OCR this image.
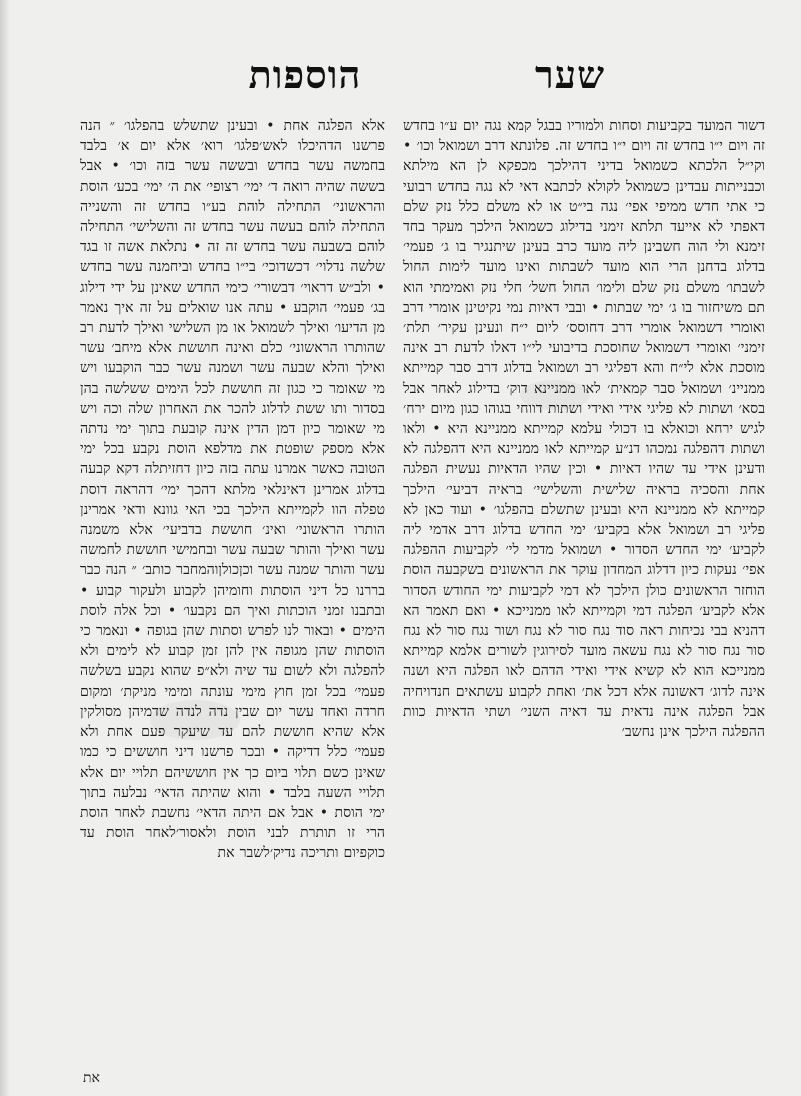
הוספות	שער

דשור המועד בקביעות וסחות ולמוריו בבגל קמא נגה יום ע״ו בחדש זה ויום י״ו בחדש זה ויום י״ו בחדש זה. פלונתא דרב ושמואל וכו׳ • וקי״ל הלכתא כשמואל בדיני דהילכך מכפקא לן הא מילתא וכבנייתות עבדינן כשמואל לקולא לכתבא דאי לא נגה בחדש רבועי כי אתי חדש ממיפי אפי׳ נגה בי״ט או לא משלם כלל נזק שלם דאפתי לא אייעד תלתא זימני בדילוג כשמואל הילכך מעקר בחד זימנא ולי הוה חשבינן ליה מועד כרב בעינן שיתנגיר בו ג׳ פעמי׳ בדלוג בדחנן הרי הוא מועד לשבתות ואינו מועד לימות החול לשבתו׳ משלם נזק שלם ולימו׳ החול חשל׳ חלי נזק ואמימתי הוא תם משיחזור בו ג׳ ימי שבתות • ובבי דאיות נמי נקיטינן אומרי דרב ואומרי דשמואל אומרי דרב דחוסס׳ ליום י״ח ונעינן עקיר׳ תלת׳ זימני׳ ואומרי דשמואל שחוסכת בדיבועי לי״ו דאלו לדעת רב אינה מוסכת אלא לי״ח והא דפליגי רב ושמואל בדלוג דרב סבר קמייתא ממניינ׳ ושמואל סבר קמאית׳ לאו ממניינא דוק׳ בדילוג לאחר אבל בסא׳ ושתות לא פליגי אידי ואידי ושתות דווחי בגוהו כגון מיום ירח׳ לגיש ירחא וכואלא בו דכולי עלמא קמייתא ממניינא היא • ולאו ושתות דהפלגה נמכהו דנ״ע קמייתא לאו ממניינא היא דהפלגה לא ודעינן אידי עד שהיו דאיות • וכין שהיו הדאיות נעשית הפלגה אחת והסכיה בראיה שלישית והשלישי׳ בראיה דביעי׳ הילכך קמייתא לא ממניינא היא ובעינן שתשלם בהפלגו׳ • ועוד כאן לא פליגי רב ושמואל אלא בקביע׳ ימי החדש בדלוג דרב אדמי ליה לקביע׳ ימי החדש הסדור • ושמואל מדמי לי׳ לקביעות ההפלגה אפי׳ נעקות כיון דדלוג המחדון עוקר את הראשונים בשקבעה הוסת הוחזר הראשונים כולן הילכך לא דמי לקביעות ימי החודש הסדור אלא לקביע׳ הפלגה דמי וקמייתא לאו ממנייכא • ואם תאמר הא דהניא בבי נכיחות ראה סוד נגח סור לא נגח ושור נגח סור לא נגח סור נגח סור לא נגח עשאה מועד לסירוגין לשורים אלמא קמייתא ממנייכא הוא לא קשיא אידי ואידי הדהם לאו הפלגה היא ושנה אינה לדוג׳ דאשונה אלא דכל את׳ ואחת לקבוע עשתאים חנדויחיה אבל הפלגה אינה נדאית עד דאיה השני׳ ושתי הדאיות כוות ההפלגה הילכך אינן נחשב׳

אלא הפלגה אחת • ובעינן שתשלש בהפלגו׳ ״ הנה פרשנו הדהיכלו לאש׳פלגו׳ רוא׳ אלא יום א׳ בלבד בחמשה עשר בחדש ובששה עשר בזה וכו׳ • אבל בששה שהיה רואה ד׳ ימי׳ רצופי׳ את ה׳ ימי׳ בכע׳ הוסת והראשוני׳ התחילה לוהת בע״ו בחדש זה והשנייה התחילה לוהם בעשה עשר בחדש זה והשלישי׳ התחילה לוהם בשבעה עשר בחדש זה זה • נתלאת אשה זו בגד שלשה נדלוי׳ דכשדוכי׳ בי״ו בחדש וביחמנה עשר בחדש • ולב״ש דראוי׳ דבשורי׳ כימי החדש שאינן על ידי דילוג בג׳ פעמי׳ הוקבע • עתה אנו שואלים על זה איך נאמר מן הדיעו׳ ואילך לשמואל או מן השלישי ואילך לדעת רב שהותרו הראשוני׳ כלם ואינה חוששת אלא מיחב׳ עשר ואילך והלא שבעה עשר ושמנה עשר כבר הוקבעו ויש מי שאומר כי כגון זה חוששת לכל הימים ששלשה בהן בסדור ותו ששת לדלוג להכר את האחרון שלה וכה ויש מי שאומר כיון דמן הדין אינה קובעת בתוך ימי נדתה אלא מספק שופטת את מדלפא הוסת נקבע בכל ימי הטובה כאשר אמרנו עתה בזה כיון דחזיתלה דקא קבעה בדלוג אמרינן דאינלאי מלתא דהכך ימי׳ דהראה דוסת טפלה הוו לקמייתא הילכך בכי האי גוונא ודאי אמרינן הותרו הראשוני׳ ואינ׳ חוששת בדביעי׳ אלא משמנה עשר ואילך והותר שבעה עשר ובחמישי חוששת לחמשה עשר והותר שמנה עשר וכןכולןוהמחבר כותב׳ ״ הנה כבר בררנו כל דיני הוסתות וחומיהן לקבוע ולעקור קבוע • ובתבנו זמני הוכתות ואיך הם נקבעו׳ • וכל אלה לוסת הימים • ובאור לנו לפרש וסתות שהן בגופה • ונאמר כי הוסתות שהן מגופה אין להן זמן קבוע לא לימים ולא להפלגה ולא לשום עד שיה ולא״פ שהוא נקבע בשלשה פעמי׳ בכל זמן חוץ מימי עונתה ומימי מניקת׳ ומקום חרדה ואחד עשר יום שבין נדה לנדה שדמיהן מסולקין אלא שהיא חוששת להם עד שיעקר פעם אחת ולא פעמי׳ כלל דדיקה • ובכר פרשנו דיני חוששים כי כמו שאינן כשם תלוי ביום כך אין חוששיהם תלויי יום אלא תלויי השעה בלבד • והוא שהיתה הדאי׳ נבלעה בתוך ימי הוסת • אבל אם היתה הדאי׳ נחשבת לאחר הוסת הרי זו תותרת לבני הוסת ולאסור׳לאחר הוסת עד כוקפיום ותריכה נדיק׳לשבר את

את
